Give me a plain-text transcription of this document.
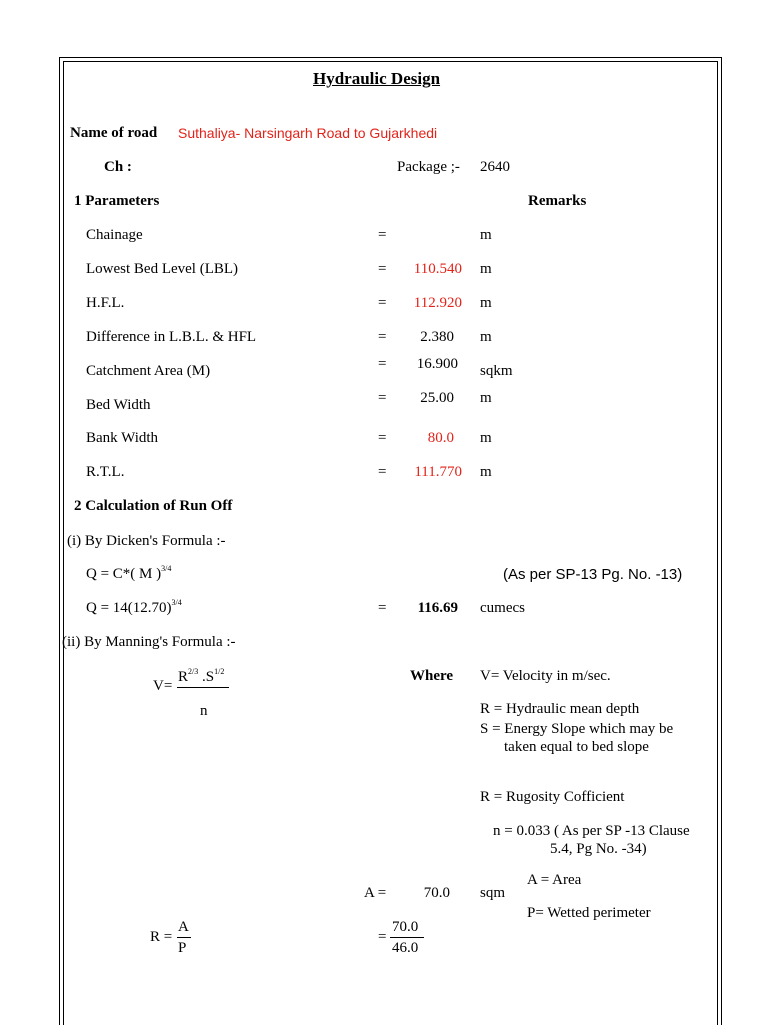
Hydraulic Design
Name of road Suthaliya- Narsingarh Road to Gujarkhedi
Ch :	Package ;- 2640
1 Parameters	Remarks
Chainage	=	m
Lowest Bed Level (LBL)	=	110.540 m
H.F.L.	=	112.920 m
Difference in L.B.L. & HFL	=	2.380 m
Catchment Area (M)	=	16.900 sqkm
Bed Width	=	25.00 m
Bank Width	=	80.0 m
R.T.L.	=	111.770 m
2 Calculation of Run Off
(i) By Dicken's Formula :-
Q = C*( M )$^{3/4}$	(As per SP-13 Pg. No. -13)
$Q = 14(12.70)^{3/4}$	=	116.69 cumecs
(ii) By Manning's Formula :-
V=
$R^{2/3}$ $.S^{1/2}$
n
Where V= Velocity in m/sec.
R = Hydraulic mean depth
S = Energy Slope which may be
taken equal to bed slope
R = Rugosity Cofficient
n = 0.033 ( As per SP -13 Clause
5.4, Pg No. -34)
A = Area
P= Wetted perimeter
A =	70.0 sqm
R =
A
P
=
70.0
46.0
